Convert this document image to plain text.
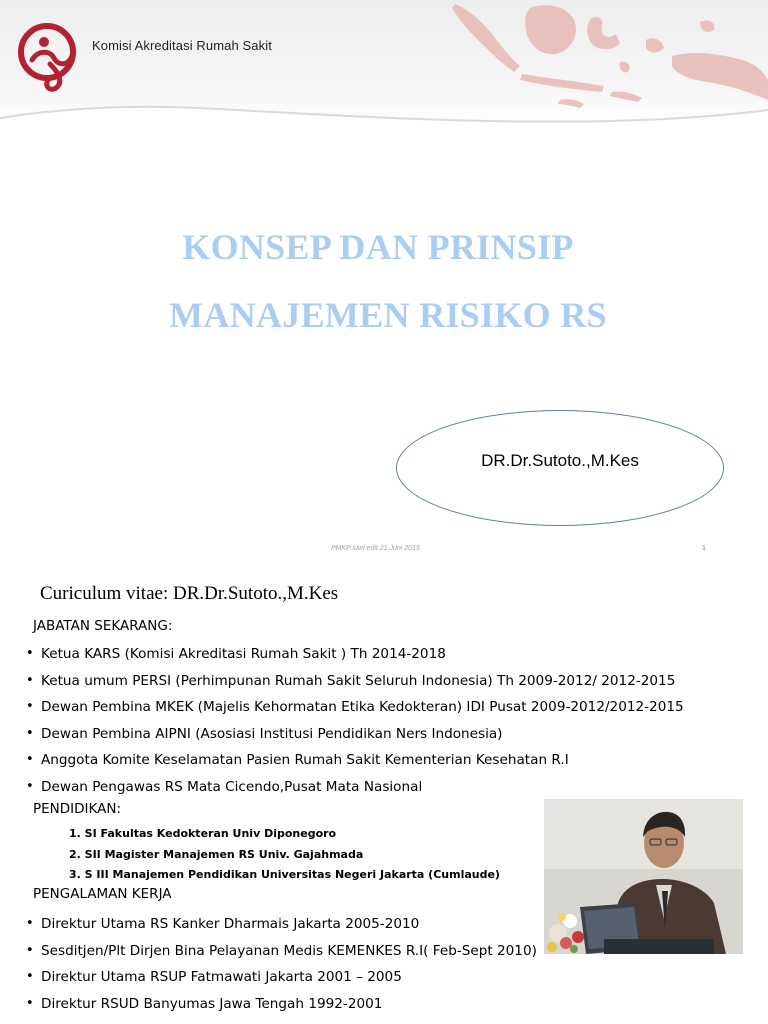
Komisi Akreditasi Rumah Sakit
KONSEP DAN PRINSIP
MANAJEMEN RISIKO RS
DR.Dr.Sutoto.,M.Kes
PMKP luwi edit 21 Juni 2015	1
Curiculum vitae: DR.Dr.Sutoto.,M.Kes
JABATAN SEKARANG:
• Ketua KARS (Komisi Akreditasi Rumah Sakit ) Th 2014-2018
• Ketua umum PERSI (Perhimpunan Rumah Sakit Seluruh Indonesia) Th 2009-2012/ 2012-2015
• Dewan Pembina MKEK (Majelis Kehormatan Etika Kedokteran) IDI Pusat 2009-2012/2012-2015
• Dewan Pembina AIPNI (Asosiasi Institusi Pendidikan Ners Indonesia)
• Anggota Komite Keselamatan Pasien Rumah Sakit Kementerian Kesehatan R.I
• Dewan Pengawas RS Mata Cicendo,Pusat Mata Nasional
PENDIDIKAN:
1. SI Fakultas Kedokteran Univ Diponegoro
2. SII Magister Manajemen RS Univ. Gajahmada
3. S III Manajemen Pendidikan Universitas Negeri Jakarta (Cumlaude)
PENGALAMAN KERJA
• Direktur Utama RS Kanker Dharmais Jakarta 2005-2010
• Sesditjen/Plt Dirjen Bina Pelayanan Medis KEMENKES R.I( Feb-Sept 2010)
• Direktur Utama RSUP Fatmawati Jakarta 2001 – 2005
• Direktur RSUD Banyumas Jawa Tengah 1992-2001
